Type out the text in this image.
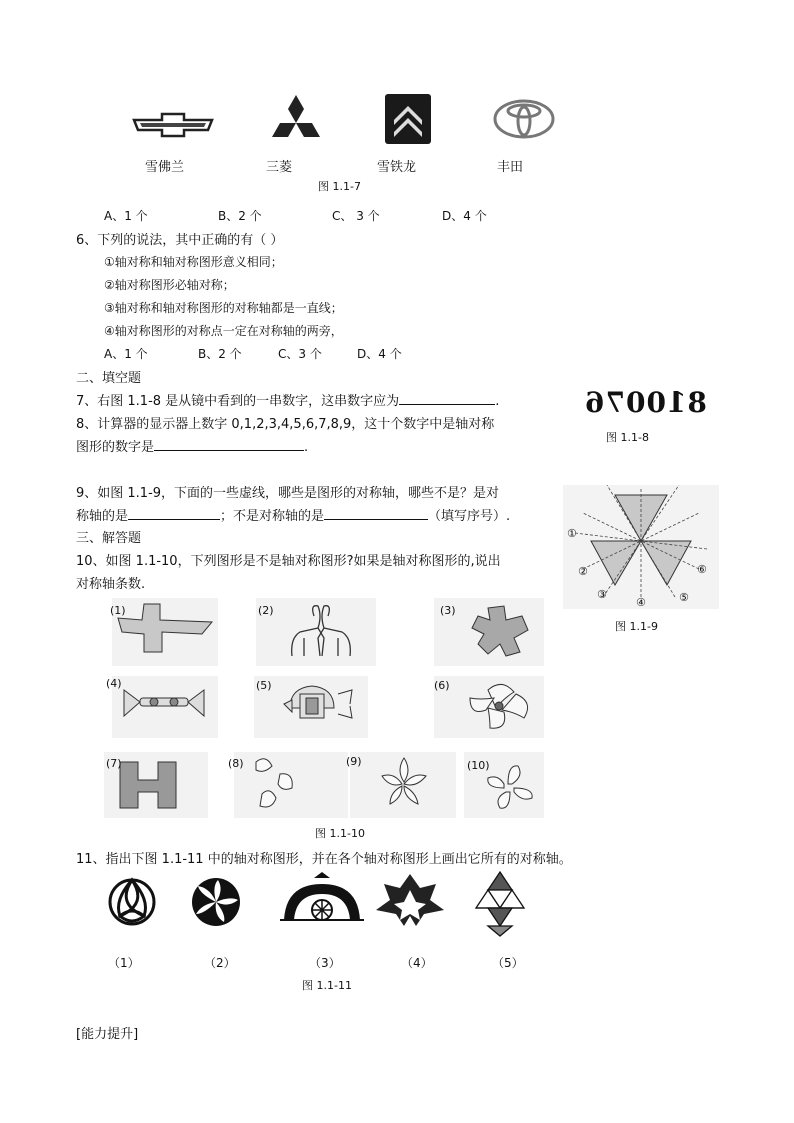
雪佛兰	三菱	雪铁龙	丰田
图 1.1-7
A、1 个	B、2 个	C、 3 个	D、4 个
6、下列的说法，其中正确的有（ ）
①轴对称和轴对称图形意义相同；
②轴对称图形必轴对称；
③轴对称和轴对称图形的对称轴都是一直线；
④轴对称图形的对称点一定在对称轴的两旁，
A、1 个	B、2 个	C、3 个	D、4 个
二、填空题
7、右图 1.1-8 是从镜中看到的一串数字，这串数字应为	.
8、计算器的显示器上数字 0,1,2,3,4,5,6,7,8,9，这十个数字中是轴对称
图形的数字是	.
810076
图 1.1-8
9、如图 1.1-9，下面的一些虚线，哪些是图形的对称轴，哪些不是？是对
称轴的是	；不是对称轴的是	（填写序号）.
①
②
③
④	⑤
⑥
图 1.1-9
三、解答题
10、如图 1.1-10，下列图形是不是轴对称图形?如果是轴对称图形的,说出
对称轴条数.
(1)	(2)	(3)
(4)	(5)	(6)
(7)	(8)	(9)	(10)
图 1.1-10
11、指出下图 1.1-11 中的轴对称图形，并在各个轴对称图形上画出它所有的对称轴。
（1）	（2）	（3）	（4）	（5）
图 1.1-11
[能力提升]
